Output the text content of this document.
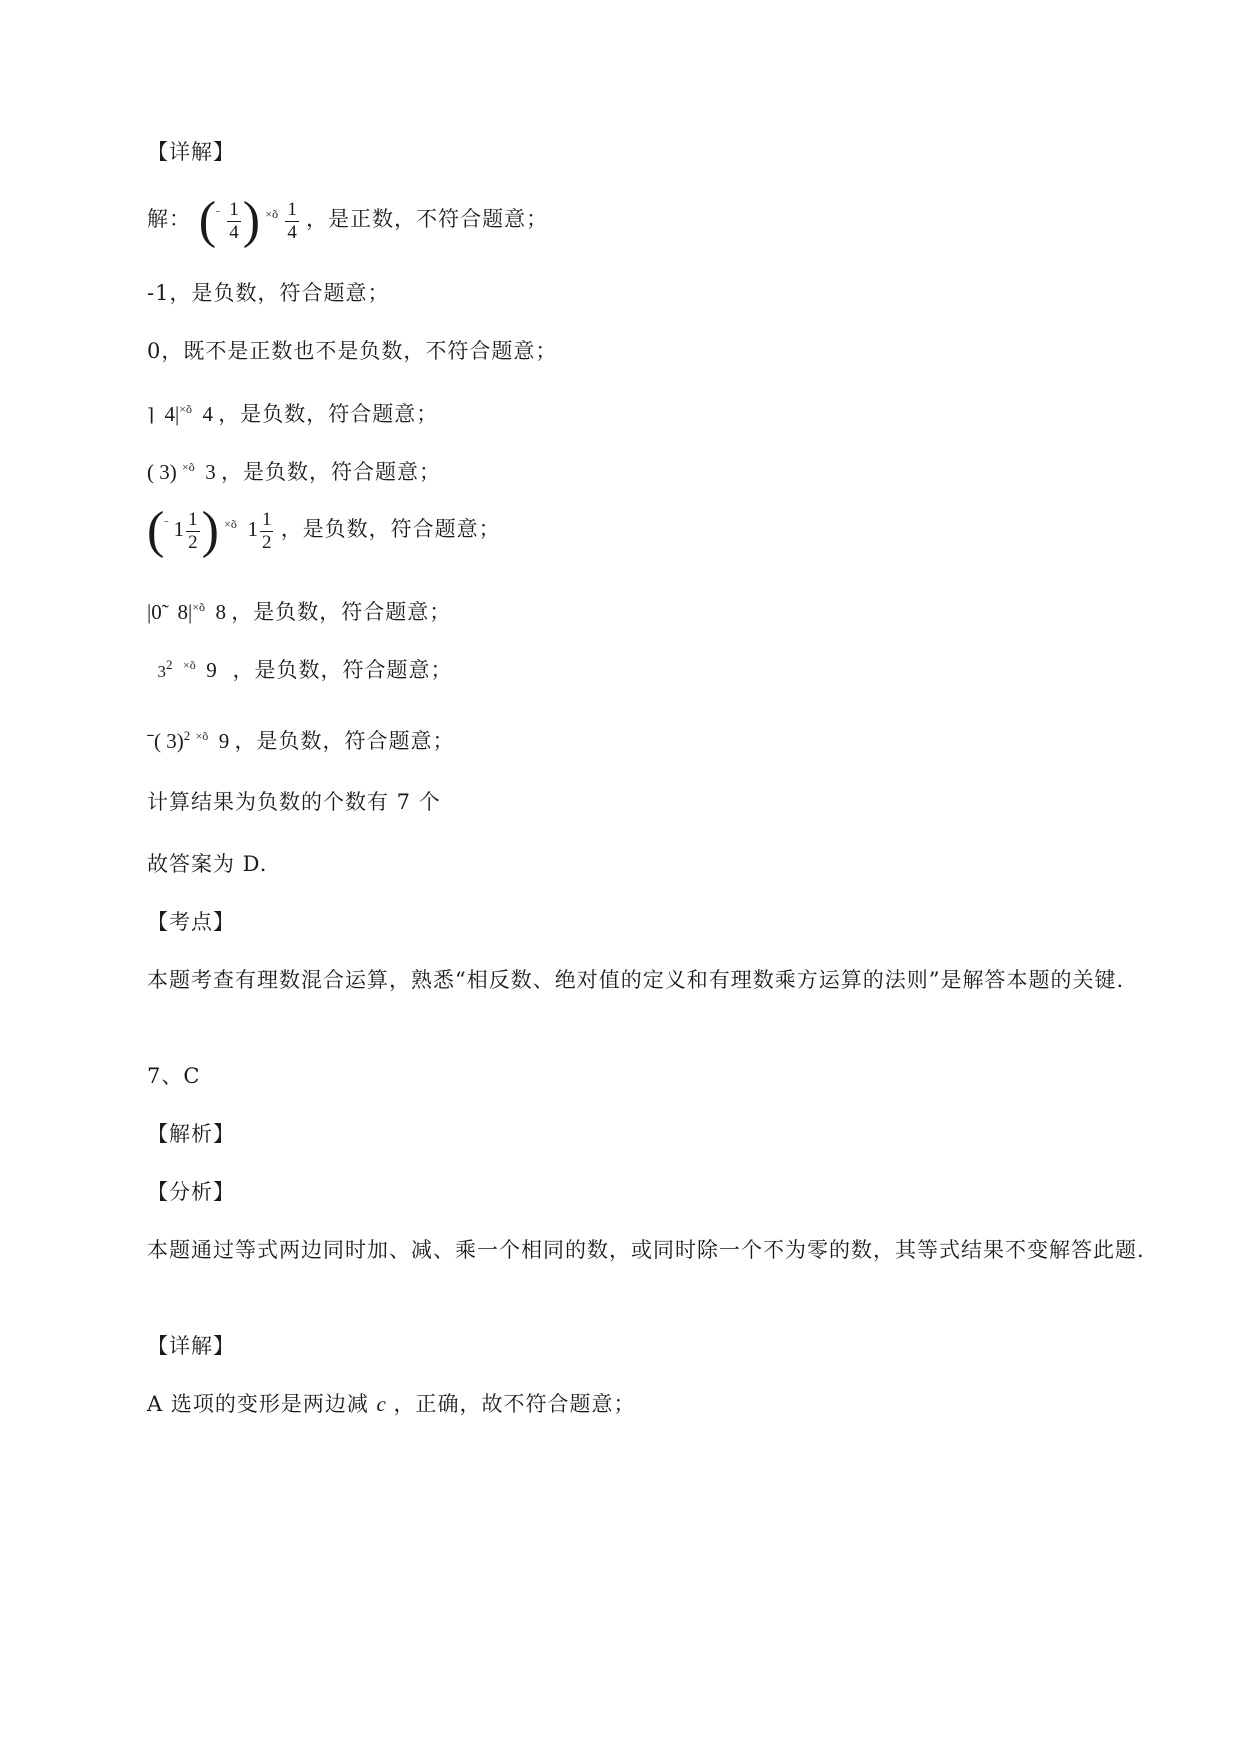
【详解】
解： ($^ˉ \frac{1}{4}$ ) $^{\times õ} \frac{1}{4}$ ，是正数，不符合题意；
-1，是负数，符合题意；
0，既不是正数也不是负数，不符合题意；
⌉ $4|^{\times õ}$ 4 ，是负数，符合题意；
( 3) $^{\times õ}$ 3 ，是负数，符合题意；
($^ˉ$ $1 \frac{1}{2}$ ) $^{\times õ}$ $1 \frac{1}{2}$ ，是负数，符合题意；
|0̃ $8|^{\times õ}$ 8 ，是负数，符合题意；
$3^2$ $^{\times õ}$ 9 ，是负数，符合题意；
ˉ( 3)$^2$ $^{\times õ}$ 9 ，是负数，符合题意；
计算结果为负数的个数有 7 个
故答案为 D.
【考点】
本题考查有理数混合运算，熟悉“相反数、绝对值的定义和有理数乘方运算的法则”是解答本题的关键.
7、C
【解析】
【分析】
本题通过等式两边同时加、减、乘一个相同的数，或同时除一个不为零的数，其等式结果不变解答此题.
【详解】
A 选项的变形是两边减 c ，正确，故不符合题意；
